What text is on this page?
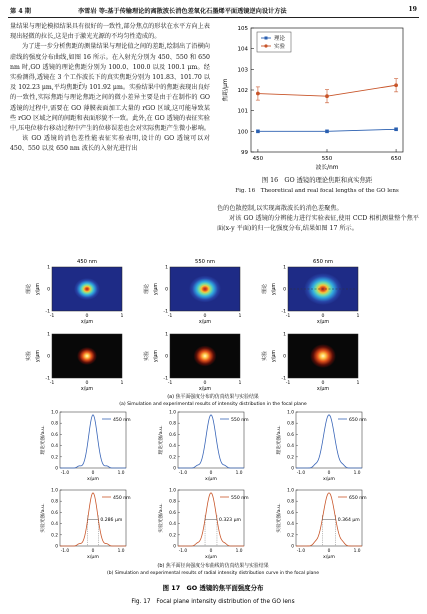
第 4 期	李雪岩 等:基于传输理论的离散波长消色差氧化石墨烯平面透镜逆向设计方法	19

量结果与理论模拟结果具有很好的一致性,部分焦点的形状在水平方向上表现出轻微的拉长,这是由于激光光源的不均匀性造成的。

为了进一步分析焦距的测量结果与理论值之间的差距,绘制出了沿横向虚线的强度分布曲线,如图 16 所示。在入射光分别为 450、550 和 650 nm 时,GO 透镜的理论焦距分别为 100.0、100.0 以及 100.1 μm。经实验测得,透镜在 3 个工作波长下的真实焦距分别为 101.83、101.70 以及 102.23 μm,平均焦距f̄为 101.92 μm。实验结果中的焦距表现出良好的一致性,实际焦距与理论焦距之间的微小差异主要是由于在制作的 GO 透镜的过程中,需要在 GO 薄膜表面加工大量的 rGO 区域,这可能导致某些 rGO 区域之间的间距和表面形貌不一致。此外,在 GO 透镜的表征实验中,压电位移台移动过程中产生的位移误差也会对实际焦距产生微小影响。

该 GO 透镜的消色差性能表征实验表明,设计的 GO 透镜可以对 450、550 以及 650 nm 波长的入射光进行出

99
100
101
102
103
104
105
450	550	650
波长/nm
焦距/μm
理论
实验
图 16　GO 透镜的理论焦距和真实焦距
Fig. 16　Theoretical and real focal lengths of the GO lens

色的色散控制,以实现离散波长的消色差聚焦。

对该 GO 透镜的分辨能力进行实验表征,使用 CCD 相机测量整个焦平面(x-y 平面)的归一化强度分布,结果如图 17 所示。

450 nm
-1
-1
0
0
1
1
x/μm
y/μm
理论
-1
-1
0
0
1
1
x/μm
y/μm
实验
550 nm
-1
-1
0
0
1
1
x/μm
y/μm
理论
-1
-1
0
0
1
1
x/μm
y/μm
实验
650 nm
-1
-1
0
0
1
1
x/μm
y/μm
理论
-1
-1
0
0
1
1
x/μm
y/μm
实验
(a) 焦平面强度分布的仿真结果与实验结果
(a) Simulation and experimental results of intensity distribution in the focal plane
0
0.2
0.4
0.6
0.8
1.0
-1.0	0	1.0
x/μm
理论光强/a.u.
450 nm
0
0.2
0.4
0.6
0.8
1.0
-1.0	0	1.0
x/μm
理论光强/a.u.
550 nm
0
0.2
0.4
0.6
0.8
1.0
-1.0	0	1.0
x/μm
理论光强/a.u.
650 nm
0
0.2
0.4
0.6
0.8
1.0
-1.0	0	1.0
x/μm
实验光强/a.u.
450 nm
0.286 μm
0
0.2
0.4
0.6
0.8
1.0
-1.0	0	1.0
x/μm
实验光强/a.u.
550 nm
0.323 μm
0
0.2
0.4
0.6
0.8
1.0
-1.0	0	1.0
x/μm
实验光强/a.u.
650 nm
0.364 μm
(b) 焦平面径向强度分布曲线的仿真结果与实验结果
(b) Simulation and experimental results of radial intensity distribution curve in the focal plane
图 17　GO 透镜的焦平面强度分布
Fig. 17　Focal plane intensity distribution of the GO lens
